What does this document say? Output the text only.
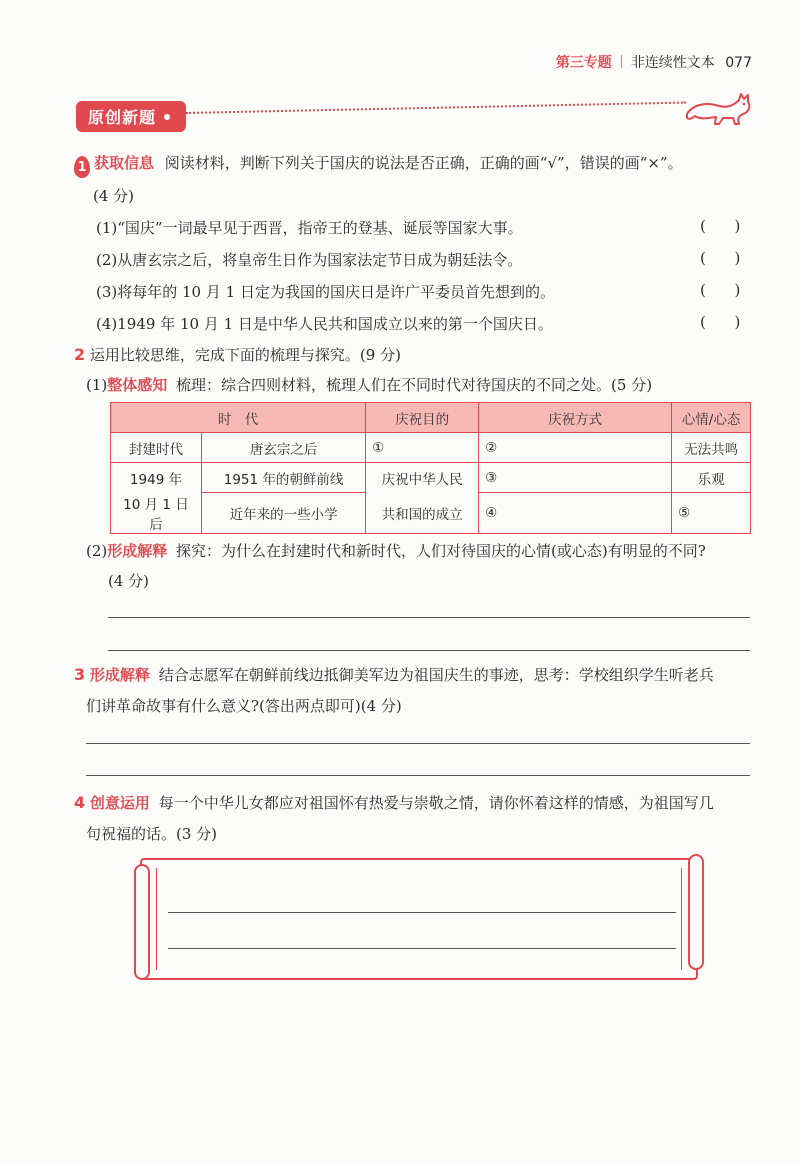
第三专题 非连续性文本 077
原创新题
1 获取信息 阅读材料，判断下列关于国庆的说法是否正确，正确的画“√”，错误的画“×”。
(4 分)
(1)“国庆”一词最早见于西晋，指帝王的登基、诞辰等国家大事。	(      )
(2)从唐玄宗之后，将皇帝生日作为国家法定节日成为朝廷法令。	(      )
(3)将每年的 10 月 1 日定为我国的国庆日是许广平委员首先想到的。	(      )
(4)1949 年 10 月 1 日是中华人民共和国成立以来的第一个国庆日。	(      )
2 运用比较思维，完成下面的梳理与探究。(9 分)
(1)整体感知 梳理：综合四则材料，梳理人们在不同时代对待国庆的不同之处。(5 分)
时　代		庆祝目的	庆祝方式	心情/心态
封建时代	唐玄宗之后	①	②	无法共鸣
1949 年	1951 年的朝鲜前线	庆祝中华人民	③	乐观
10 月 1 日后	近年来的一些小学	共和国的成立	④	⑤
(2)形成解释 探究：为什么在封建时代和新时代，人们对待国庆的心情(或心态)有明显的不同?
(4 分)
3 形成解释 结合志愿军在朝鲜前线边抵御美军边为祖国庆生的事迹，思考：学校组织学生听老兵
们讲革命故事有什么意义?(答出两点即可)(4 分)
4 创意运用 每一个中华儿女都应对祖国怀有热爱与崇敬之情，请你怀着这样的情感，为祖国写几
句祝福的话。(3 分)
